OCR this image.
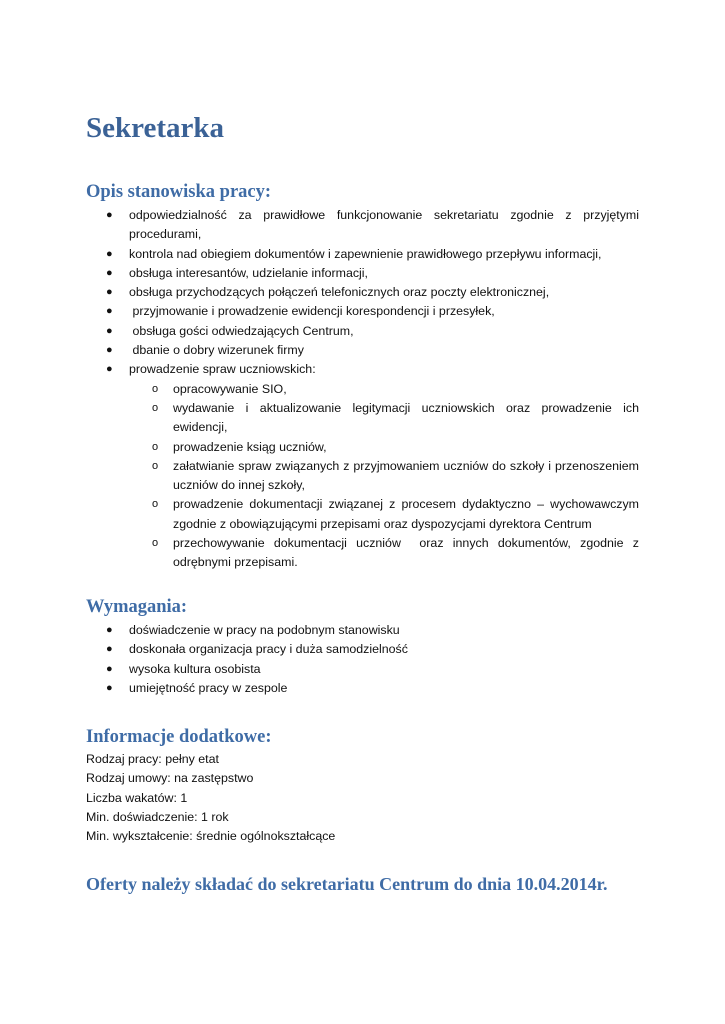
Sekretarka
Opis stanowiska pracy:
● odpowiedzialność za prawidłowe funkcjonowanie sekretariatu zgodnie z przyjętymi procedurami,
● kontrola nad obiegiem dokumentów i zapewnienie prawidłowego przepływu informacji,
● obsługa interesantów, udzielanie informacji,
● obsługa przychodzących połączeń telefonicznych oraz poczty elektronicznej,
● przyjmowanie i prowadzenie ewidencji korespondencji i przesyłek,
● obsługa gości odwiedzających Centrum,
● dbanie o dobry wizerunek firmy
● prowadzenie spraw uczniowskich:
o opracowywanie SIO,
o wydawanie i aktualizowanie legitymacji uczniowskich oraz prowadzenie ich ewidencji,
o prowadzenie ksiąg uczniów,
o załatwianie spraw związanych z przyjmowaniem uczniów do szkoły i przenoszeniem uczniów do innej szkoły,
o prowadzenie dokumentacji związanej z procesem dydaktyczno – wychowawczym zgodnie z obowiązującymi przepisami oraz dyspozycjami dyrektora Centrum
o przechowywanie dokumentacji uczniów  oraz innych dokumentów, zgodnie z odrębnymi przepisami.
Wymagania:
● doświadczenie w pracy na podobnym stanowisku
● doskonała organizacja pracy i duża samodzielność
● wysoka kultura osobista
● umiejętność pracy w zespole
Informacje dodatkowe:
Rodzaj pracy: pełny etat
Rodzaj umowy: na zastępstwo
Liczba wakatów: 1
Min. doświadczenie: 1 rok
Min. wykształcenie: średnie ogólnokształcące
Oferty należy składać do sekretariatu Centrum do dnia 10.04.2014r.
